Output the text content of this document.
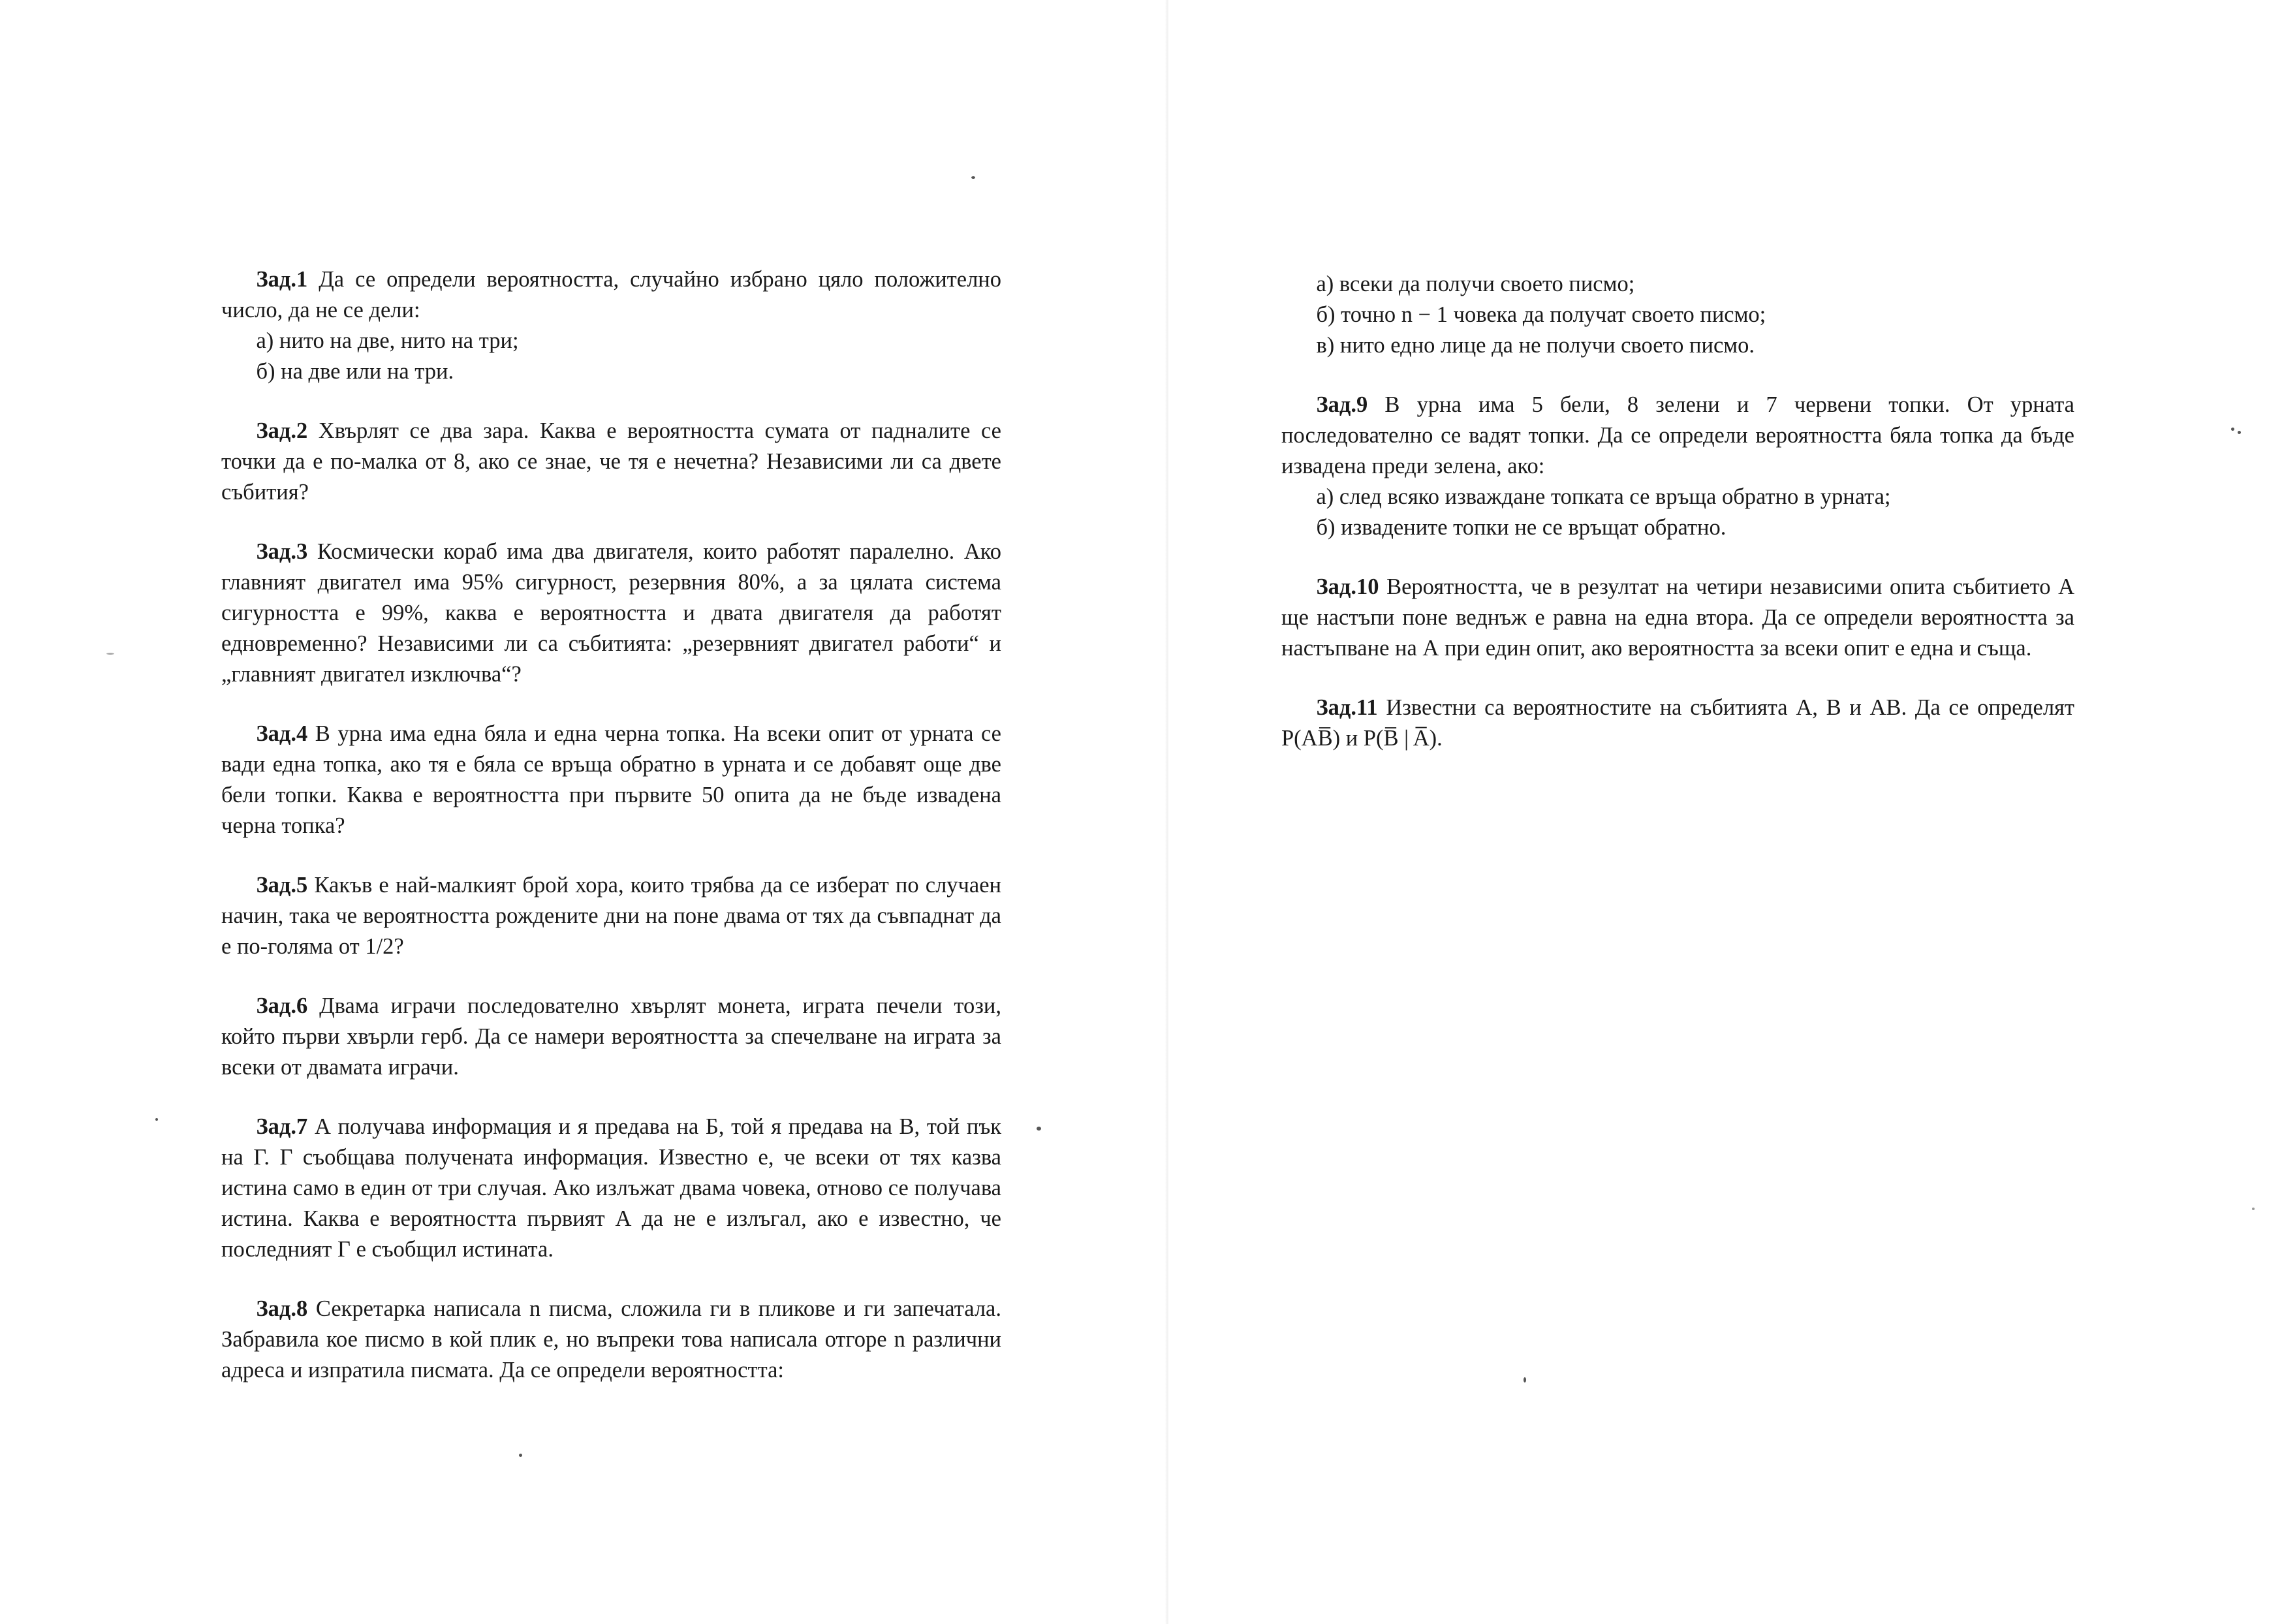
Зад.1 Да се определи вероятността, случайно избрано цяло положително число, да не се дели:

а) нито на две, нито на три;

б) на две или на три.

Зад.2 Хвърлят се два зара. Каква е вероятността сумата от падналите се точки да е по-малка от 8, ако се знае, че тя е нечетна? Независими ли са двете събития?

Зад.3 Космически кораб има два двигателя, които работят паралелно. Ако главният двигател има 95% сигурност, резервния 80%, а за цялата система сигурността е 99%, каква е вероятността и двата двигателя да работят едновременно? Независими ли са събитията: „резервният двигател работи“ и „главният двигател изключва“?

Зад.4 В урна има една бяла и една черна топка. На всеки опит от урната се вади една топка, ако тя е бяла се връща обратно в урната и се добавят още две бели топки. Каква е вероятността при първите 50 опита да не бъде извадена черна топка?

Зад.5 Какъв е най-малкият брой хора, които трябва да се изберат по случаен начин, така че вероятността рождените дни на поне двама от тях да съвпаднат да е по-голяма от 1/2?

Зад.6 Двама играчи последователно хвърлят монета, играта печели този, който първи хвърли герб. Да се намери вероятността за спечелване на играта за всеки от двамата играчи.

Зад.7 А получава информация и я предава на Б, той я предава на В, той пък на Г. Г съобщава получената информация. Известно е, че всеки от тях казва истина само в един от три случая. Ако излъжат двама човека, отново се получава истина. Каква е вероятността първият А да не е излъгал, ако е известно, че последният Г е съобщил истината.

Зад.8 Секретарка написала n писма, сложила ги в пликове и ги запечатала. Забравила кое писмо в кой плик е, но въпреки това написала отгоре n различни адреса и изпратила писмата. Да се определи вероятността:

а) всеки да получи своето писмо;

б) точно n − 1 човека да получат своето писмо;

в) нито едно лице да не получи своето писмо.

Зад.9 В урна има 5 бели, 8 зелени и 7 червени топки. От урната последователно се вадят топки. Да се определи вероятността бяла топка да бъде извадена преди зелена, ако:

а) след всяко изваждане топката се връща обратно в урната;

б) извадените топки не се връщат обратно.

Зад.10 Вероятността, че в резултат на четири независими опита събитието A ще настъпи поне веднъж е равна на една втора. Да се определи вероятността за настъпване на А при един опит, ако вероятността за всеки опит е една и съща.

Зад.11 Известни са вероятностите на събитията A, B и AB. Да се определят P(AB̅) и P(B̅ | A̅).
